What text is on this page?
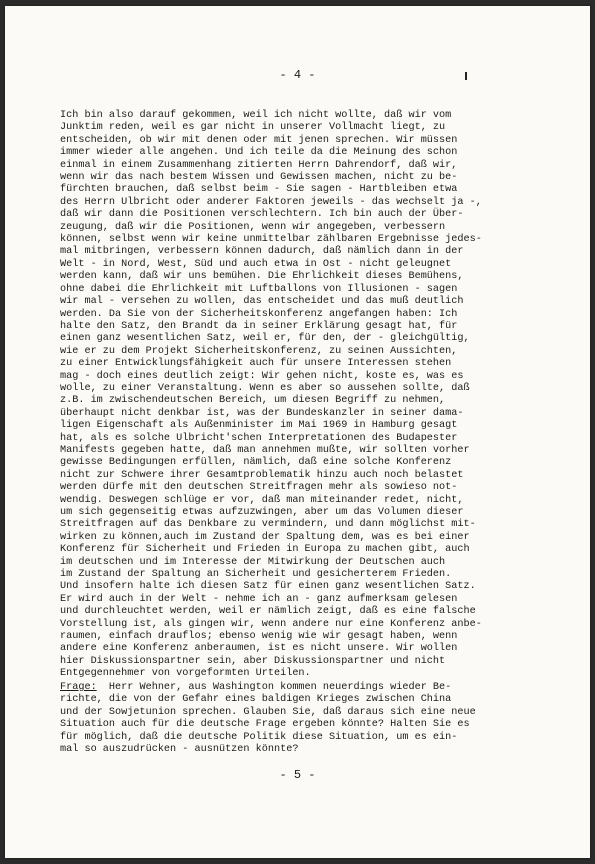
- 4 -
Ich bin also darauf gekommen, weil ich nicht wollte, daß wir vom
Junktim reden, weil es gar nicht in unserer Vollmacht liegt, zu
entscheiden, ob wir mit denen oder mit jenen sprechen. Wir müssen
immer wieder alle angehen. Und ich teile da die Meinung des schon
einmal in einem Zusammenhang zitierten Herrn Dahrendorf, daß wir,
wenn wir das nach bestem Wissen und Gewissen machen, nicht zu be-
fürchten brauchen, daß selbst beim - Sie sagen - Hartbleiben etwa
des Herrn Ulbricht oder anderer Faktoren jeweils - das wechselt ja -,
daß wir dann die Positionen verschlechtern. Ich bin auch der Über-
zeugung, daß wir die Positionen, wenn wir angegeben, verbessern
können, selbst wenn wir keine unmittelbar zählbaren Ergebnisse jedes-
mal mitbringen, verbessern können dadurch, daß nämlich dann in der
Welt - in Nord, West, Süd und auch etwa in Ost - nicht geleugnet
werden kann, daß wir uns bemühen. Die Ehrlichkeit dieses Bemühens,
ohne dabei die Ehrlichkeit mit Luftballons von Illusionen - sagen
wir mal - versehen zu wollen, das entscheidet und das muß deutlich
werden. Da Sie von der Sicherheitskonferenz angefangen haben: Ich
halte den Satz, den Brandt da in seiner Erklärung gesagt hat, für
einen ganz wesentlichen Satz, weil er, für den, der - gleichgültig,
wie er zu dem Projekt Sicherheitskonferenz, zu seinen Aussichten,
zu einer Entwicklungsfähigkeit auch für unsere Interessen stehen
mag - doch eines deutlich zeigt: Wir gehen nicht, koste es, was es
wolle, zu einer Veranstaltung. Wenn es aber so aussehen sollte, daß
z.B. im zwischendeutschen Bereich, um diesen Begriff zu nehmen,
überhaupt nicht denkbar ist, was der Bundeskanzler in seiner dama-
ligen Eigenschaft als Außenminister im Mai 1969 in Hamburg gesagt
hat, als es solche Ulbricht'schen Interpretationen des Budapester
Manifests gegeben hatte, daß man annehmen mußte, wir sollten vorher
gewisse Bedingungen erfüllen, nämlich, daß eine solche Konferenz
nicht zur Schwere ihrer Gesamtproblematik hinzu auch noch belastet
werden dürfe mit den deutschen Streitfragen mehr als sowieso not-
wendig. Deswegen schlüge er vor, daß man miteinander redet, nicht,
um sich gegenseitig etwas aufzuzwingen, aber um das Volumen dieser
Streitfragen auf das Denkbare zu vermindern, und dann möglichst mit-
wirken zu können,auch im Zustand der Spaltung dem, was es bei einer
Konferenz für Sicherheit und Frieden in Europa zu machen gibt, auch
im deutschen und im Interesse der Mitwirkung der Deutschen auch
im Zustand der Spaltung an Sicherheit und gesicherterem Frieden.
Und insofern halte ich diesen Satz für einen ganz wesentlichen Satz.
Er wird auch in der Welt - nehme ich an - ganz aufmerksam gelesen
und durchleuchtet werden, weil er nämlich zeigt, daß es eine falsche
Vorstellung ist, als gingen wir, wenn andere nur eine Konferenz anbe-
raumen, einfach drauflos; ebenso wenig wie wir gesagt haben, wenn
andere eine Konferenz anberaumen, ist es nicht unsere. Wir wollen
hier Diskussionspartner sein, aber Diskussionspartner und nicht
Entgegennehmer von vorgeformten Urteilen.
Frage:  Herr Wehner, aus Washington kommen neuerdings wieder Be-
richte, die von der Gefahr eines baldigen Krieges zwischen China
und der Sowjetunion sprechen. Glauben Sie, daß daraus sich eine neue
Situation auch für die deutsche Frage ergeben könnte? Halten Sie es
für möglich, daß die deutsche Politik diese Situation, um es ein-
mal so auszudrücken - ausnützen könnte?
- 5 -
